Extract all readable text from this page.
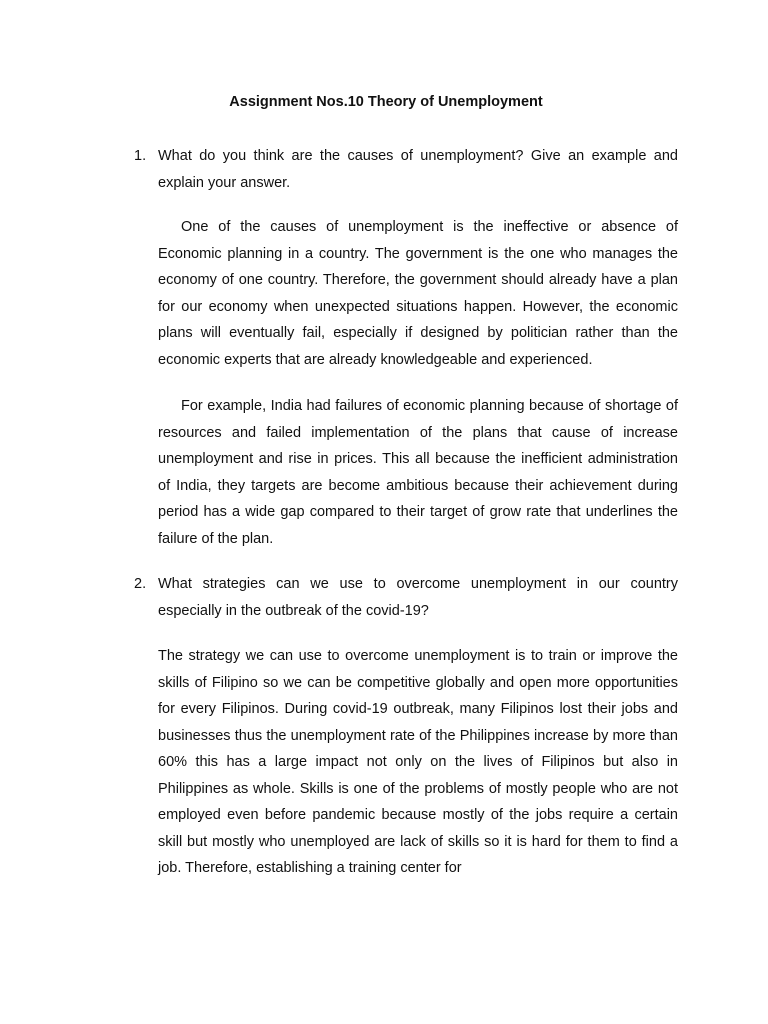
Assignment Nos.10 Theory of Unemployment
1. What do you think are the causes of unemployment? Give an example and explain your answer.
One of the causes of unemployment is the ineffective or absence of Economic planning in a country. The government is the one who manages the economy of one country. Therefore, the government should already have a plan for our economy when unexpected situations happen. However, the economic plans will eventually fail, especially if designed by politician rather than the economic experts that are already knowledgeable and experienced.
For example, India had failures of economic planning because of shortage of resources and failed implementation of the plans that cause of increase unemployment and rise in prices. This all because the inefficient administration of India, they targets are become ambitious because their achievement during period has a wide gap compared to their target of grow rate that underlines the failure of the plan.
2. What strategies can we use to overcome unemployment in our country especially in the outbreak of the covid-19?
The strategy we can use to overcome unemployment is to train or improve the skills of Filipino so we can be competitive globally and open more opportunities for every Filipinos. During covid-19 outbreak, many Filipinos lost their jobs and businesses thus the unemployment rate of the Philippines increase by more than 60% this has a large impact not only on the lives of Filipinos but also in Philippines as whole. Skills is one of the problems of mostly people who are not employed even before pandemic because mostly of the jobs require a certain skill but mostly who unemployed are lack of skills so it is hard for them to find a job. Therefore, establishing a training center for
